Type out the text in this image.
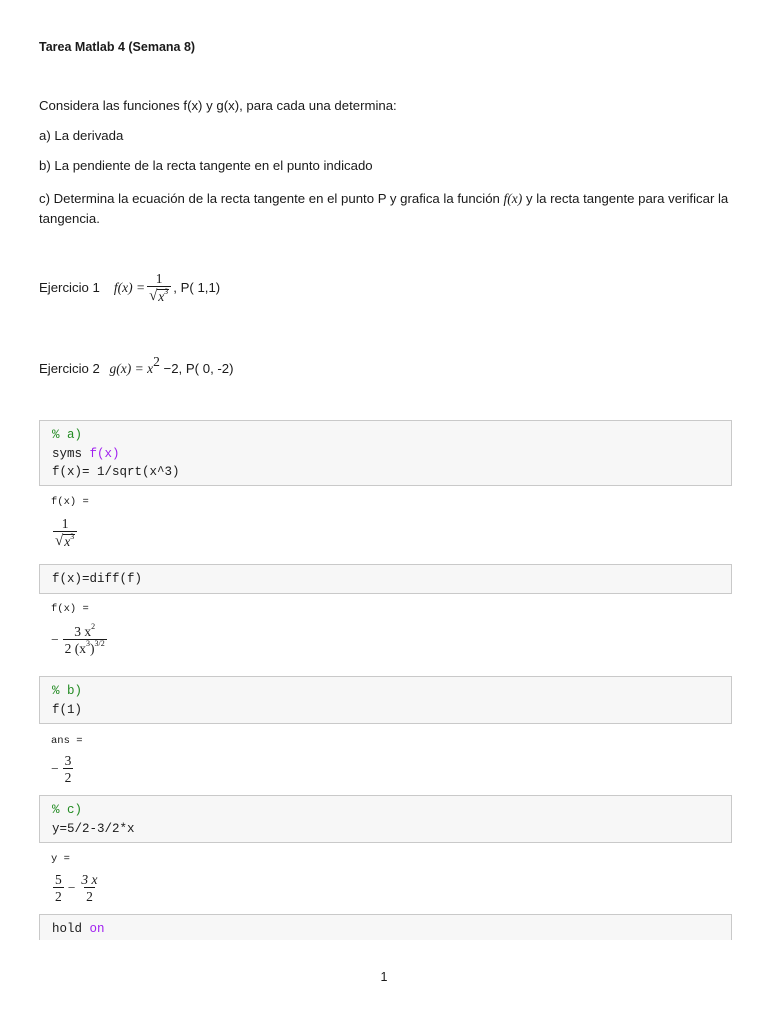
Tarea Matlab 4 (Semana 8)
Considera las funciones f(x) y g(x), para cada una determina:
a) La derivada
b) La pendiente de la recta tangente en el punto indicado
c) Determina la ecuación de la recta tangente en el punto P y grafica la función f(x) y la recta tangente para verificar la tangencia.
Ejercicio 1 $f(x) = \frac{1}{√ x^3}$ , P( 1,1)
Ejercicio 2 $g(x) = x^2 -2$, P( 0, -2)
% a)
syms f(x)
f(x)= 1/sqrt(x^3)
f(x) =
$\frac{1}{√ x^3}$
f(x)=diff(f)
f(x) =
− $\frac{3 x^2}{2 (x^3)^{3/2}}$
% b)
f(1)
ans =
− $\frac{3}{2}$
% c)
y=5/2-3/2*x
y =
$\frac{5}{2} - \frac{3 x}{2}$
hold on
1
